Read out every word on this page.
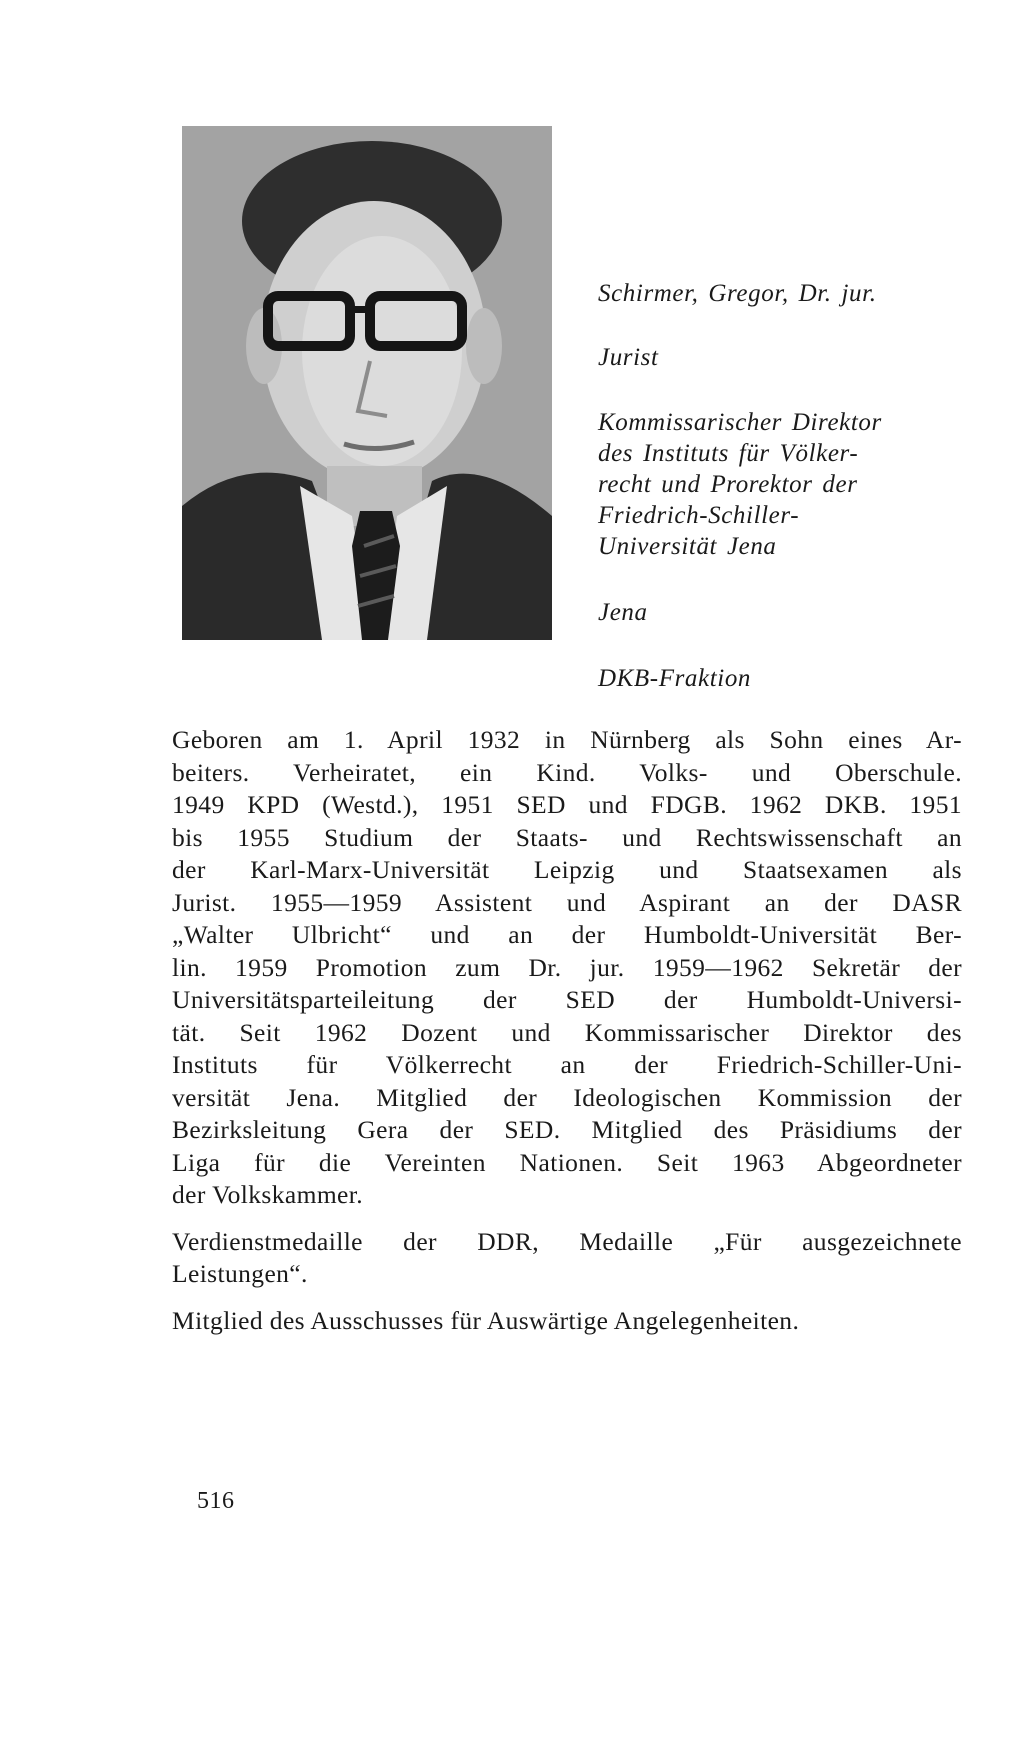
Schirmer, Gregor, Dr. jur.
Jurist
Kommissarischer Direktor
des Instituts für Völker-
recht und Prorektor der
Friedrich-Schiller-
Universität Jena
Jena
DKB-Fraktion

Geboren am 1. April 1932 in Nürnberg als Sohn eines Ar-
beiters. Verheiratet, ein Kind. Volks- und Oberschule.
1949 KPD (Westd.), 1951 SED und FDGB. 1962 DKB. 1951
bis 1955 Studium der Staats- und Rechtswissenschaft an
der Karl-Marx-Universität Leipzig und Staatsexamen als
Jurist. 1955—1959 Assistent und Aspirant an der DASR
„Walter Ulbricht“ und an der Humboldt-Universität Ber-
lin. 1959 Promotion zum Dr. jur. 1959—1962 Sekretär der
Universitätsparteileitung der SED der Humboldt-Universi-
tät. Seit 1962 Dozent und Kommissarischer Direktor des
Instituts für Völkerrecht an der Friedrich-Schiller-Uni-
versität Jena. Mitglied der Ideologischen Kommission der
Bezirksleitung Gera der SED. Mitglied des Präsidiums der
Liga für die Vereinten Nationen. Seit 1963 Abgeordneter
der Volkskammer.

Verdienstmedaille der DDR, Medaille „Für ausgezeichnete
Leistungen“.

Mitglied des Ausschusses für Auswärtige Angelegenheiten.

516
